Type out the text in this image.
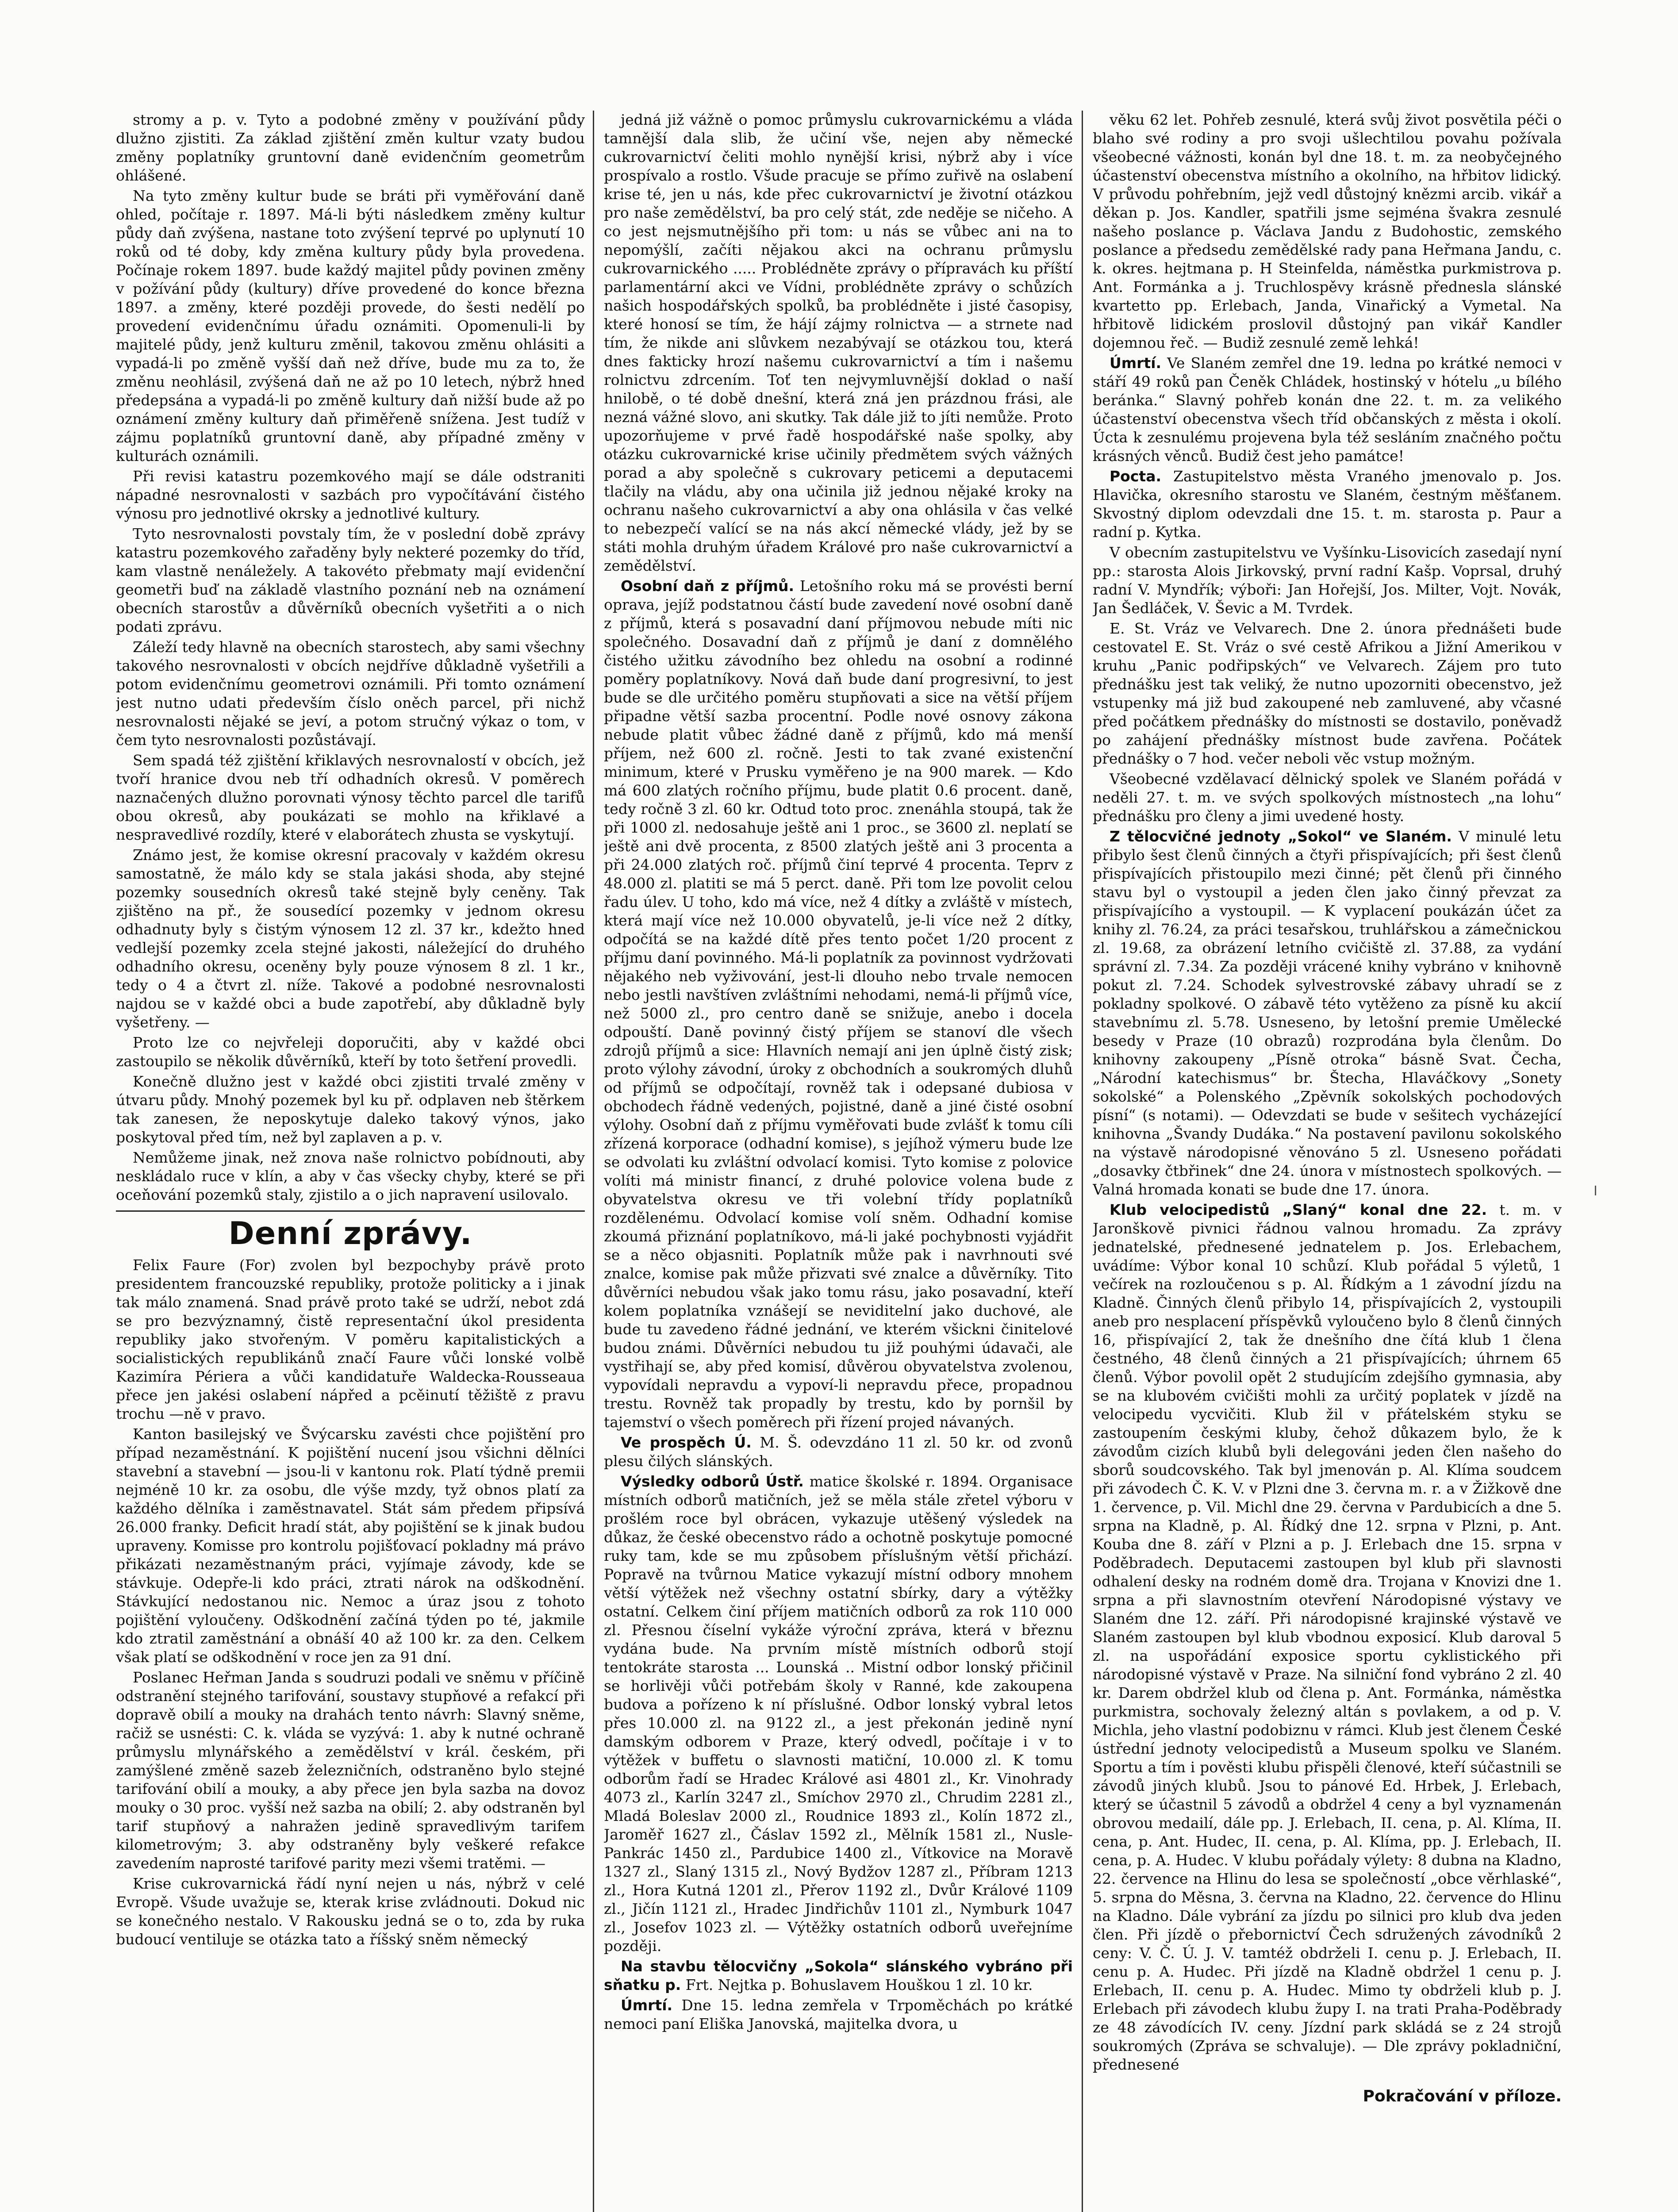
stromy a p. v. Tyto a podobné změny v používání půdy dlužno zjistiti. Za základ zjištění změn kultur vzaty budou změny poplatníky gruntovní daně evidenčním geometrům ohlášené.

Na tyto změny kultur bude se bráti při vyměřování daně ohled, počítaje r. 1897. Má-li býti následkem změny kultur půdy daň zvýšena, nastane toto zvýšení teprvé po uplynutí 10 roků od té doby, kdy změna kultury půdy byla provedena. Počínaje rokem 1897. bude každý majitel půdy povinen změny v požívání půdy (kultury) dříve provedené do konce března 1897. a změny, které později provede, do šesti nedělí po provedení evidenčnímu úřadu oznámiti. Opomenuli-li by majitelé půdy, jenž kulturu změnil, takovou změnu ohlásiti a vypadá-li po změně vyšší daň než dříve, bude mu za to, že změnu neohlásil, zvýšená daň ne až po 10 letech, nýbrž hned předepsána a vypadá-li po změně kultury daň nižší bude až po oznámení změny kultury daň přiměřeně snížena. Jest tudíž v zájmu poplatníků gruntovní daně, aby případné změny v kulturách oznámili.

Při revisi katastru pozemkového mají se dále odstraniti nápadné nesrovnalosti v sazbách pro vypočítávání čistého výnosu pro jednotlivé okrsky a jednotlivé kultury.

Tyto nesrovnalosti povstaly tím, že v poslední době zprávy katastru pozemkového zařaděny byly nekteré pozemky do tříd, kam vlastně nenáležely. A takovéto přebmaty mají evidenční geometři buď na základě vlastního poznání neb na oznámení obecních starostův a důvěrníků obecních vyšetřiti a o nich podati zprávu.

Záleží tedy hlavně na obecních starostech, aby sami všechny takového nesrovnalosti v obcích nejdříve důkladně vyšetřili a potom evidenčnímu geometrovi oznámili. Při tomto oznámení jest nutno udati především číslo oněch parcel, při nichž nesrovnalosti nějaké se jeví, a potom stručný výkaz o tom, v čem tyto nesrovnalosti pozůstávají.

Sem spadá též zjištění křiklavých nesrovnalostí v obcích, jež tvoří hranice dvou neb tří odhadních okresů. V poměrech naznačených dlužno porovnati výnosy těchto parcel dle tarifů obou okresů, aby poukázati se mohlo na křiklavé a nespravedlivé rozdíly, které v elaborátech zhusta se vyskytují.

Známo jest, že komise okresní pracovaly v každém okresu samostatně, že málo kdy se stala jakási shoda, aby stejné pozemky sousedních okresů také stejně byly ceněny. Tak zjištěno na př., že sousedící pozemky v jednom okresu odhadnuty byly s čistým výnosem 12 zl. 37 kr., kdežto hned vedlejší pozemky zcela stejné jakosti, náležející do druhého odhadního okresu, oceněny byly pouze výnosem 8 zl. 1 kr., tedy o 4 a čtvrt zl. níže. Takové a podobné nesrovnalosti najdou se v každé obci a bude zapotřebí, aby důkladně byly vyšetřeny. —

Proto lze co nejvřeleji doporučiti, aby v každé obci zastoupilo se několik důvěrníků, kteří by toto šetření provedli.

Konečně dlužno jest v každé obci zjistiti trvalé změny v útvaru půdy. Mnohý pozemek byl ku př. odplaven neb štěrkem tak zanesen, že neposkytuje daleko takový výnos, jako poskytoval před tím, než byl zaplaven a p. v.

Nemůžeme jinak, než znova naše rolnictvo pobídnouti, aby neskládalo ruce v klín, a aby v čas všecky chyby, které se při oceňování pozemků staly, zjistilo a o jich napravení usilovalo.

Denní zprávy.

Felix Faure (For) zvolen byl bezpochyby právě proto presidentem francouzské republiky, protože politicky a i jinak tak málo znamená. Snad právě proto také se udrží, nebot zdá se pro bezvýznamný, čistě representační úkol presidenta republiky jako stvořeným. V poměru kapitalistických a socialistických republikánů značí Faure vůči lonské volbě Kazimíra Périera a vůči kandidatuře Waldecka-Rousseaua přece jen jakési oslabení nápřed a pcěinutí těžiště z pravu trochu —ně v pravo.

Kanton basilejský ve Švýcarsku zavésti chce pojištění pro případ nezaměstnání. K pojištění nucení jsou všichni dělníci stavební a stavební — jsou-li v kantonu rok. Platí týdně premii nejméně 10 kr. za osobu, dle výše mzdy, tyž obnos platí za každého dělníka i zaměstnavatel. Stát sám předem připsívá 26.000 franky. Deficit hradí stát, aby pojištění se k jinak budou upraveny. Komisse pro kontrolu pojišťovací pokladny má právo přikázati nezaměstnaným práci, vyjímaje závody, kde se stávkuje. Odepře-li kdo práci, ztrati nárok na odškodnění. Stávkující nedostanou nic. Nemoc a úraz jsou z tohoto pojištění vyloučeny. Odškodnění začíná týden po té, jakmile kdo ztratil zaměstnání a obnáší 40 až 100 kr. za den. Celkem však platí se odškodnění v roce jen za 91 dní.

Poslanec Heřman Janda s soudruzi podali ve sněmu v příčině odstranění stejného tarifování, soustavy stupňové a refakcí při dopravě obilí a mouky na drahách tento návrh: Slavný sněme, račiž se usnésti: C. k. vláda se vyzývá: 1. aby k nutné ochraně průmyslu mlynářského a zemědělství v král. českém, při zamýšlené změně sazeb železničních, odstraněno bylo stejné tarifování obilí a mouky, a aby přece jen byla sazba na dovoz mouky o 30 proc. vyšší než sazba na obilí; 2. aby odstraněn byl tarif stupňový a nahražen jedině spravedlivým tarifem kilometrovým; 3. aby odstraněny byly veškeré refakce zavedením naprosté tarifové parity mezi všemi tratěmi. —

Krise cukrovarnická řádí nyní nejen u nás, nýbrž v celé Evropě. Všude uvažuje se, kterak krise zvládnouti. Dokud nic se konečného nestalo. V Rakousku jedná se o to, zda by ruka budoucí ventiluje se otázka tato a říšský sněm německý

jedná již vážně o pomoc průmyslu cukrovarnickému a vláda tamnější dala slib, že učiní vše, nejen aby německé cukrovarnictví čeliti mohlo nynější krisi, nýbrž aby i více prospívalo a rostlo. Všude pracuje se přímo zuřivě na oslabení krise té, jen u nás, kde přec cukrovarnictví je životní otázkou pro naše zemědělství, ba pro celý stát, zde neděje se ničeho. A co jest nejsmutnějšího při tom: u nás se vůbec ani na to nepomýšlí, začíti nějakou akci na ochranu průmyslu cukrovarnického ..... Problédněte zprávy o přípravách ku příští parlamentární akci ve Vídni, problédněte zprávy o schůzích našich hospodářských spolků, ba problédněte i jisté časopisy, které honosí se tím, že hájí zájmy rolnictva — a strnete nad tím, že nikde ani slůvkem nezabývají se otázkou tou, která dnes fakticky hrozí našemu cukrovarnictví a tím i našemu rolnictvu zdrcením. Toť ten nejvymluvnější doklad o naší hnilobě, o té době dnešní, která zná jen prázdnou frási, ale nezná vážné slovo, ani skutky. Tak dále již to jíti nemůže. Proto upozorňujeme v prvé řadě hospodářské naše spolky, aby otázku cukrovarnické krise učinily předmětem svých vážných porad a aby společně s cukrovary peticemi a deputacemi tlačily na vládu, aby ona učinila již jednou nějaké kroky na ochranu našeho cukrovarnictví a aby ona ohlásila v čas velké to nebezpečí valící se na nás akcí německé vlády, jež by se státi mohla druhým úřadem Králové pro naše cukrovarnictví a zemědělství.

Osobní daň z příjmů. Letošního roku má se provésti berní oprava, jejíž podstatnou částí bude zavedení nové osobní daně z příjmů, která s posavadní daní příjmovou nebude míti nic společného. Dosavadní daň z příjmů je daní z domnělého čistého užitku závodního bez ohledu na osobní a rodinné poměry poplatníkovy. Nová daň bude daní progresivní, to jest bude se dle určitého poměru stupňovati a sice na větší příjem připadne větší sazba procentní. Podle nové osnovy zákona nebude platit vůbec žádné daně z příjmů, kdo má menší příjem, než 600 zl. ročně. Jesti to tak zvané existenční minimum, které v Prusku vyměřeno je na 900 marek. — Kdo má 600 zlatých ročního příjmu, bude platit 0.6 procent. daně, tedy ročně 3 zl. 60 kr. Odtud toto proc. znenáhla stoupá, tak že při 1000 zl. nedosahuje ještě ani 1 proc., se 3600 zl. neplatí se ještě ani dvě procenta, z 8500 zlatých ještě ani 3 procenta a při 24.000 zlatých roč. příjmů činí teprvé 4 procenta. Teprv z 48.000 zl. platiti se má 5 perct. daně. Při tom lze povolit celou řadu úlev. U toho, kdo má více, než 4 dítky a zvláště v místech, která mají více než 10.000 obyvatelů, je-li více než 2 dítky, odpočítá se na každé dítě přes tento počet 1/20 procent z příjmu daní povinného. Má-li poplatník za povinnost vydržovati nějakého neb vyživování, jest-li dlouho nebo trvale nemocen nebo jestli navštíven zvláštními nehodami, nemá-li příjmů více, než 5000 zl., pro centro daně se snižuje, anebo i docela odpouští. Daně povinný čistý příjem se stanoví dle všech zdrojů příjmů a sice: Hlavních nemají ani jen úplně čistý zisk; proto výlohy závodní, úroky z obchodních a soukromých dluhů od příjmů se odpočítají, rovněž tak i odepsané dubiosa v obchodech řádně vedených, pojistné, daně a jiné čisté osobní výlohy. Osobní daň z příjmu vyměřovati bude zvlášť k tomu cíli zřízená korporace (odhadní komise), s jejíhož výmeru bude lze se odvolati ku zvláštní odvolací komisi. Tyto komise z polovice volíti má ministr financí, z druhé polovice volena bude z obyvatelstva okresu ve tři volební třídy poplatníků rozdělenému. Odvolací komise volí sněm. Odhadní komise zkoumá přiznání poplatníkovo, má-li jaké pochybnosti vyjádřit se a něco objasniti. Poplatník může pak i navrhnouti své znalce, komise pak může přizvati své znalce a důvěrníky. Tito důvěrníci nebudou však jako tomu rásu, jako posavadní, kteří kolem poplatníka vznášejí se neviditelní jako duchové, ale bude tu zavedeno řádné jednání, ve kterém všickni činitelové budou známi. Důvěrníci nebudou tu již pouhými údavači, ale vystřihají se, aby před komisí, důvěrou obyvatelstva zvolenou, vypovídali nepravdu a vypoví-li nepravdu přece, propadnou trestu. Rovněž tak propadly by trestu, kdo by pornšil by tajemství o všech poměrech při řízení projed návaných.

Ve prospěch Ú. M. Š. odevzdáno 11 zl. 50 kr. od zvonů plesu čilých slánských.

Výsledky odborů Ústř. matice školské r. 1894. Organisace místních odborů matičních, jež se měla stále zřetel výboru v prošlém roce byl obrácen, vykazuje utěšený výsledek na důkaz, že české obecenstvo rádo a ochotně poskytuje pomocné ruky tam, kde se mu způsobem příslušným větší přichází. Popravě na tvůrnou Matice vykazují místní odbory mnohem větší výtěžek než všechny ostatní sbírky, dary a výtěžky ostatní. Celkem činí příjem matičních odborů za rok 110 000 zl. Přesnou číselní vykáže výroční zpráva, která v březnu vydána bude. Na prvním místě místních odborů stojí tentokráte starosta ... Lounská .. Mistní odbor lonský přičinil se horlivěji vůči potřebám školy v Ranné, kde zakoupena budova a pořízeno k ní příslušné. Odbor lonský vybral letos přes 10.000 zl. na 9122 zl., a jest překonán jedině nyní damským odborem v Praze, který odvedl, počítaje i v to výtěžek v buffetu o slavnosti matiční, 10.000 zl. K tomu odborům řadí se Hradec Králové asi 4801 zl., Kr. Vinohrady 4073 zl., Karlín 3247 zl., Smíchov 2970 zl., Chrudim 2281 zl., Mladá Boleslav 2000 zl., Roudnice 1893 zl., Kolín 1872 zl., Jaroměř 1627 zl., Čáslav 1592 zl., Mělník 1581 zl., Nusle-Pankrác 1450 zl., Pardubice 1400 zl., Vítkovice na Moravě 1327 zl., Slaný 1315 zl., Nový Bydžov 1287 zl., Příbram 1213 zl., Hora Kutná 1201 zl., Přerov 1192 zl., Dvůr Králové 1109 zl., Jičín 1121 zl., Hradec Jindřichův 1101 zl., Nymburk 1047 zl., Josefov 1023 zl. — Výtěžky ostatních odborů uveřejníme později.

Na stavbu tělocvičny „Sokola“ slánského vybráno při sňatku p. Frt. Nejtka p. Bohuslavem Houškou 1 zl. 10 kr.

Úmrtí. Dne 15. ledna zemřela v Trpoměchách po krátké nemoci paní Eliška Janovská, majitelka dvora, u

věku 62 let. Pohřeb zesnulé, která svůj život posvětila péči o blaho své rodiny a pro svoji ušlechtilou povahu požívala všeobecné vážnosti, konán byl dne 18. t. m. za neobyčejného účastenství obecenstva místního a okolního, na hřbitov lidický. V průvodu pohřebním, jejž vedl důstojný knězmi arcib. vikář a děkan p. Jos. Kandler, spatřili jsme sejména švakra zesnulé našeho poslance p. Václava Jandu z Budohostic, zemského poslance a předsedu zemědělské rady pana Heřmana Jandu, c. k. okres. hejtmana p. H Steinfelda, náměstka purkmistrova p. Ant. Formánka a j. Truchlospěvy krásně přednesla slánské kvartetto pp. Erlebach, Janda, Vinařický a Vymetal. Na hřbitově lidickém proslovil důstojný pan vikář Kandler dojemnou řeč. — Budiž zesnulé země lehká!

Úmrtí. Ve Slaném zemřel dne 19. ledna po krátké nemoci v stáří 49 roků pan Čeněk Chládek, hostinský v hótelu „u bílého beránka.“ Slavný pohřeb konán dne 22. t. m. za velikého účastenství obecenstva všech tříd občanských z města i okolí. Úcta k zesnulému projevena byla též sesláním značného počtu krásných věnců. Budiž čest jeho památce!

Pocta. Zastupitelstvo města Vraného jmenovalo p. Jos. Hlavička, okresního starostu ve Slaném, čestným měšťanem. Skvostný diplom odevzdali dne 15. t. m. starosta p. Paur a radní p. Kytka.

V obecním zastupitelstvu ve Vyšínku-Lisovicích zasedají nyní pp.: starosta Alois Jirkovský, první radní Kašp. Voprsal, druhý radní V. Myndřík; výboři: Jan Hořejší, Jos. Milter, Vojt. Novák, Jan Šedláček, V. Ševic a M. Tvrdek.

E. St. Vráz ve Velvarech. Dne 2. února přednášeti bude cestovatel E. St. Vráz o své cestě Afrikou a Jižní Amerikou v kruhu „Panic podřipských“ ve Velvarech. Zájem pro tuto přednášku jest tak veliký, že nutno upozorniti obecenstvo, jež vstupenky má již bud zakoupené neb zamluvené, aby včasné před počátkem přednášky do místnosti se dostavilo, poněvadž po zahájení přednášky místnost bude zavřena. Počátek přednášky o 7 hod. večer neboli věc vstup možným.

Všeobecné vzdělavací dělnický spolek ve Slaném pořádá v neděli 27. t. m. ve svých spolkových místnostech „na lohu“ přednášku pro členy a jimi uvedené hosty.

Z tělocvičné jednoty „Sokol“ ve Slaném. V minulé letu přibylo šest členů činných a čtyři přispívajících; při šest členů přispívajících přistoupilo mezi činné; pět členů při činného stavu byl o vystoupil a jeden člen jako činný převzat za přispívajícího a vystoupil. — K vyplacení poukázán účet za knihy zl. 76.24, za práci tesařskou, truhlářskou a zámečnickou zl. 19.68, za obrázení letního cvičiště zl. 37.88, za vydání správní zl. 7.34. Za později vrácené knihy vybráno v knihovně pokut zl. 7.24. Schodek sylvestrovské zábavy uhradí se z pokladny spolkové. O zábavě této vytěženo za písně ku akcií stavebnímu zl. 5.78. Usneseno, by letošní premie Umělecké besedy v Praze (10 obrazů) rozprodána byla členům. Do knihovny zakoupeny „Písně otroka“ básně Svat. Čecha, „Národní katechismus“ br. Štecha, Hlaváčkovy „Sonety sokolské“ a Polenského „Zpěvník sokolských pochodových písní“ (s notami). — Odevzdati se bude v sešitech vycházející knihovna „Švandy Dudáka.“ Na postavení pavilonu sokolského na výstavě národopisné věnováno 5 zl. Usneseno pořádati „dosavky čtbřinek“ dne 24. února v místnostech spolkových. — Valná hromada konati se bude dne 17. února.

Klub velocipedistů „Slaný“ konal dne 22. t. m. v Jaronškově pivnici řádnou valnou hromadu. Za zprávy jednatelské, přednesené jednatelem p. Jos. Erlebachem, uvádíme: Výbor konal 10 schůzí. Klub pořádal 5 výletů, 1 večírek na rozloučenou s p. Al. Řídkým a 1 závodní jízdu na Kladně. Činných členů přibylo 14, přispívajících 2, vystoupili aneb pro nesplacení příspěvků vyloučeno bylo 8 členů činných 16, přispívající 2, tak že dnešního dne čítá klub 1 člena čestného, 48 členů činných a 21 přispívajících; úhrnem 65 členů. Výbor povolil opět 2 studujícím zdejšího gymnasia, aby se na klubovém cvičišti mohli za určitý poplatek v jízdě na velocipedu vycvičiti. Klub žil v přátelském styku se zastoupením českými kluby, čehož důkazem bylo, že k závodům cizích klubů byli delegováni jeden člen našeho do sborů soudcovského. Tak byl jmenován p. Al. Klíma soudcem při závodech Č. K. V. v Plzni dne 3. června m. r. a v Žižkově dne 1. července, p. Vil. Michl dne 29. června v Pardubicích a dne 5. srpna na Kladně, p. Al. Řídký dne 12. srpna v Plzni, p. Ant. Kouba dne 8. září v Plzni a p. J. Erlebach dne 15. srpna v Poděbradech. Deputacemi zastoupen byl klub při slavnosti odhalení desky na rodném domě dra. Trojana v Knovizi dne 1. srpna a při slavnostním otevření Národopisné výstavy ve Slaném dne 12. září. Při národopisné krajinské výstavě ve Slaném zastoupen byl klub vbodnou exposicí. Klub daroval 5 zl. na uspořádání exposice sportu cyklistického při národopisné výstavě v Praze. Na silniční fond vybráno 2 zl. 40 kr. Darem obdržel klub od člena p. Ant. Formánka, náměstka purkmistra, sochovaly železný altán s povlakem, a od p. V. Michla, jeho vlastní podobiznu v rámci. Klub jest členem České ústřední jednoty velocipedistů a Museum spolku ve Slaném. Sportu a tím i pověsti klubu přispěli členové, kteří súčastnili se závodů jiných klubů. Jsou to pánové Ed. Hrbek, J. Erlebach, který se účastnil 5 závodů a obdržel 4 ceny a byl vyznamenán obrovou medailí, dále pp. J. Erlebach, II. cena, p. Al. Klíma, II. cena, p. Ant. Hudec, II. cena, p. Al. Klíma, pp. J. Erlebach, II. cena, p. A. Hudec. V klubu pořádaly výlety: 8 dubna na Kladno, 22. července na Hlinu do lesa se společností „obce věrhlaské“, 5. srpna do Měsna, 3. června na Kladno, 22. července do Hlinu na Kladno. Dále vybrání za jízdu po silnici pro klub dva jeden člen. Při jízdě o přebornictví Čech sdružených závodníků 2 ceny: V. Č. Ú. J. V. tamtéž obdrželi I. cenu p. J. Erlebach, II. cenu p. A. Hudec. Při jízdě na Kladně obdržel 1 cenu p. J. Erlebach, II. cenu p. A. Hudec. Mimo ty obdrželi klub p. J. Erlebach při závodech klubu župy I. na trati Praha-Poděbrady ze 48 závodících IV. ceny. Jízdní park skládá se z 24 strojů soukromých (Zpráva se schvaluje). — Dle zprávy pokladniční, přednesené

Pokračování v příloze.
